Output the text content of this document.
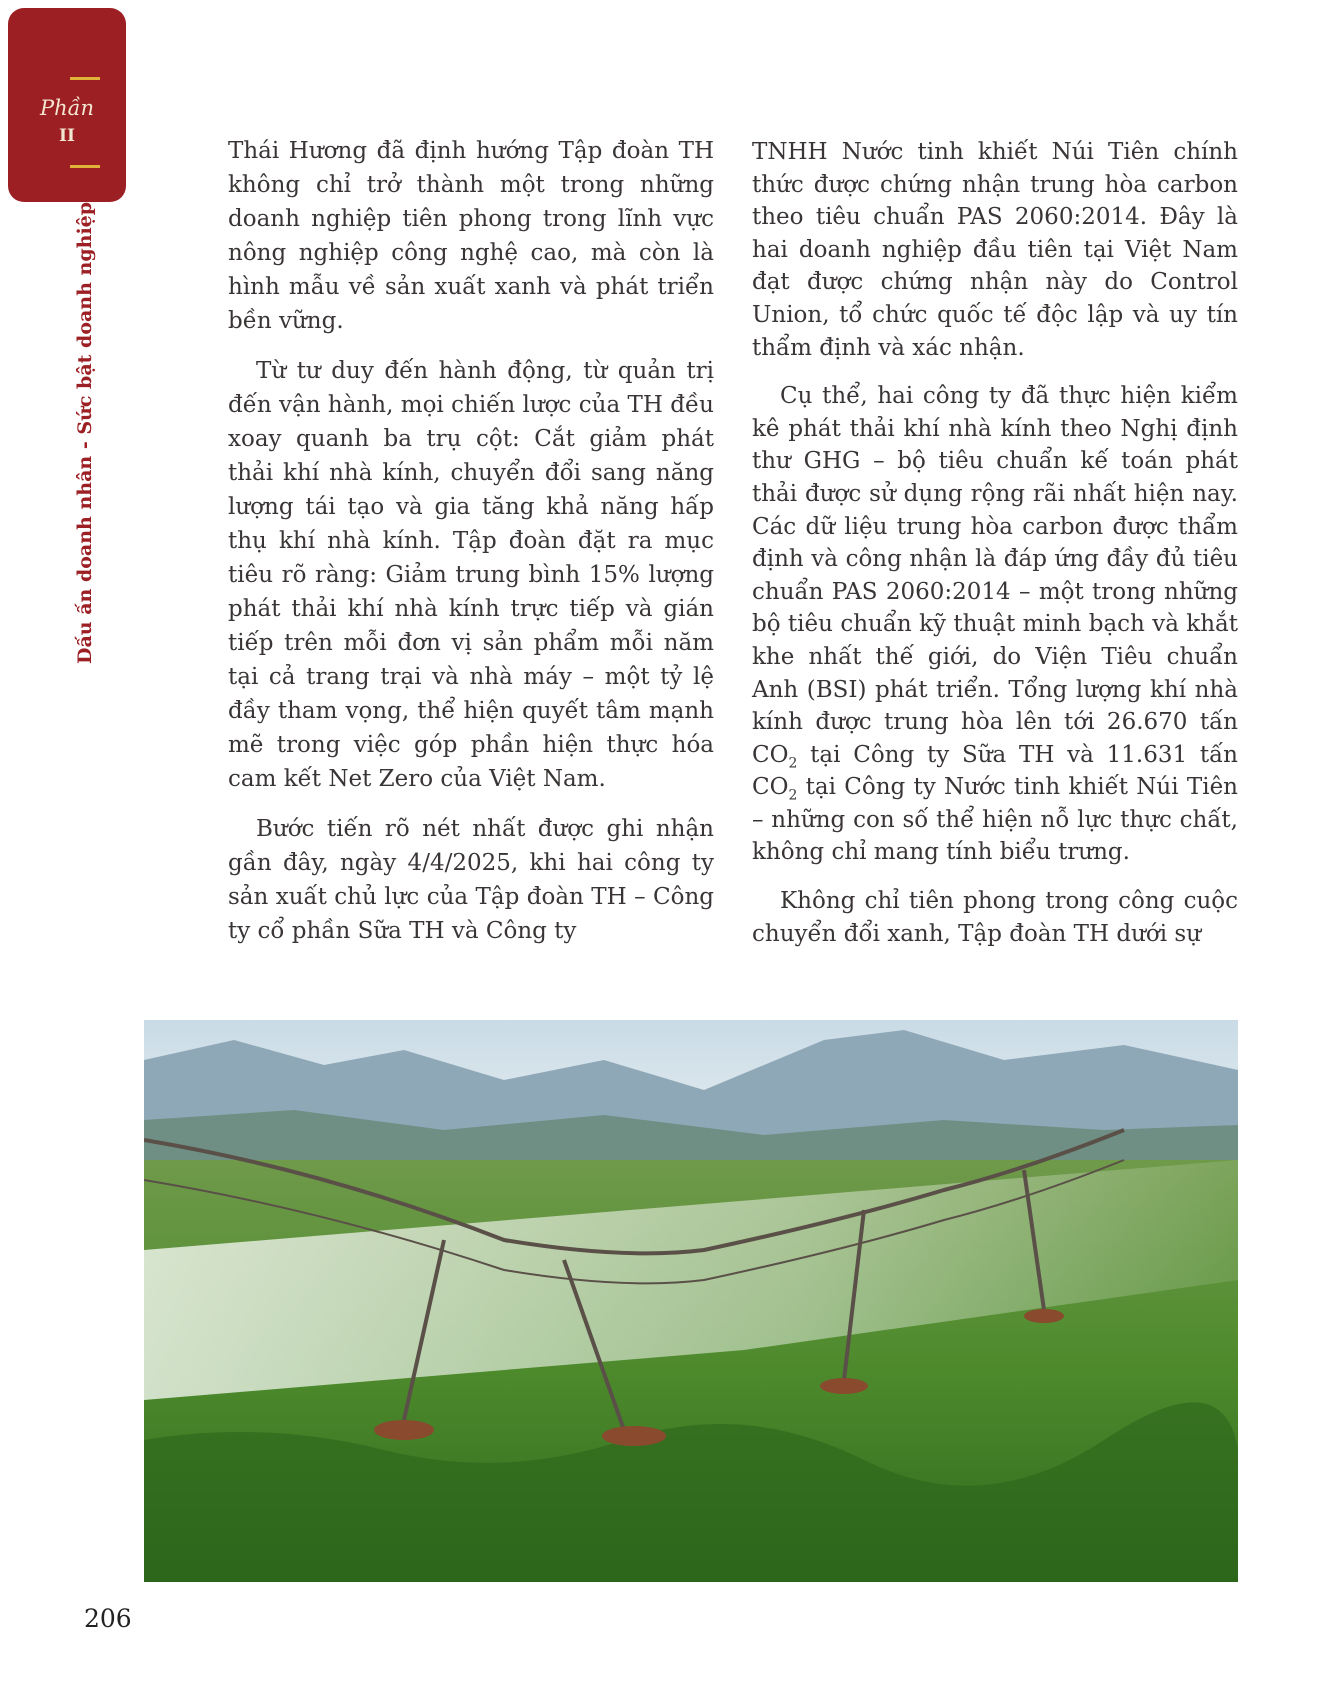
Phần
II
Dấu ấn doanh nhân - Sức bật doanh nghiệp

Thái Hương đã định hướng Tập đoàn TH không chỉ trở thành một trong những doanh nghiệp tiên phong trong lĩnh vực nông nghiệp công nghệ cao, mà còn là hình mẫu về sản xuất xanh và phát triển bền vững.

Từ tư duy đến hành động, từ quản trị đến vận hành, mọi chiến lược của TH đều xoay quanh ba trụ cột: Cắt giảm phát thải khí nhà kính, chuyển đổi sang năng lượng tái tạo và gia tăng khả năng hấp thụ khí nhà kính. Tập đoàn đặt ra mục tiêu rõ ràng: Giảm trung bình 15% lượng phát thải khí nhà kính trực tiếp và gián tiếp trên mỗi đơn vị sản phẩm mỗi năm tại cả trang trại và nhà máy – một tỷ lệ đầy tham vọng, thể hiện quyết tâm mạnh mẽ trong việc góp phần hiện thực hóa cam kết Net Zero của Việt Nam.

Bước tiến rõ nét nhất được ghi nhận gần đây, ngày 4/4/2025, khi hai công ty sản xuất chủ lực của Tập đoàn TH – Công ty cổ phần Sữa TH và Công ty

TNHH Nước tinh khiết Núi Tiên chính thức được chứng nhận trung hòa carbon theo tiêu chuẩn PAS 2060:2014. Đây là hai doanh nghiệp đầu tiên tại Việt Nam đạt được chứng nhận này do Control Union, tổ chức quốc tế độc lập và uy tín thẩm định và xác nhận.

Cụ thể, hai công ty đã thực hiện kiểm kê phát thải khí nhà kính theo Nghị định thư GHG – bộ tiêu chuẩn kế toán phát thải được sử dụng rộng rãi nhất hiện nay. Các dữ liệu trung hòa carbon được thẩm định và công nhận là đáp ứng đầy đủ tiêu chuẩn PAS 2060:2014 – một trong những bộ tiêu chuẩn kỹ thuật minh bạch và khắt khe nhất thế giới, do Viện Tiêu chuẩn Anh (BSI) phát triển. Tổng lượng khí nhà kính được trung hòa lên tới 26.670 tấn $CO_2$ tại Công ty Sữa TH và 11.631 tấn $CO_2$ tại Công ty Nước tinh khiết Núi Tiên – những con số thể hiện nỗ lực thực chất, không chỉ mang tính biểu trưng.

Không chỉ tiên phong trong công cuộc chuyển đổi xanh, Tập đoàn TH dưới sự

206
